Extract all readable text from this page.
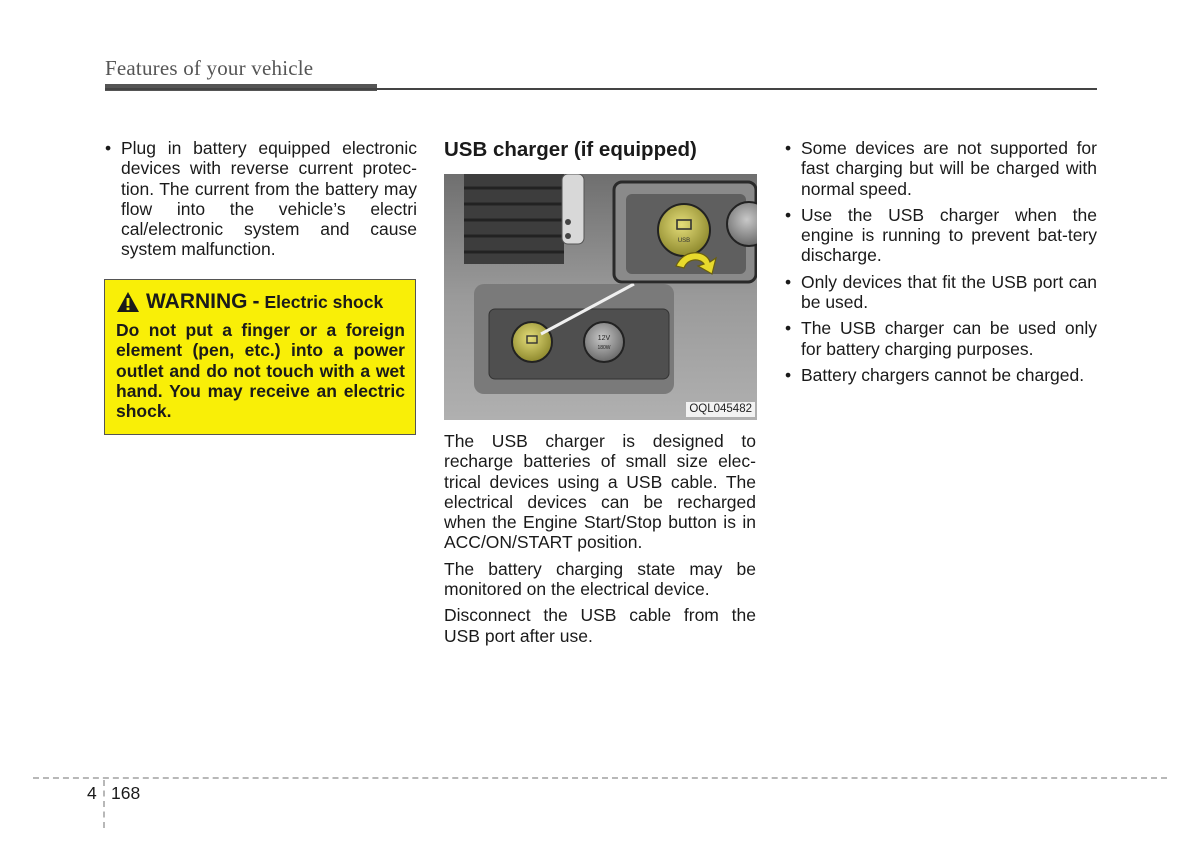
Features of your vehicle

• Plug in battery equipped electronic devices with reverse current protec-tion. The current from the battery may flow into the vehicle’s electri cal/electronic system and cause system malfunction.

WARNING - Electric shock
Do not put a finger or a foreign element (pen, etc.) into a power outlet and do not touch with a wet hand. You may receive an electric shock.
USB charger (if equipped)
12V
180W
USB
OQL045482

The USB charger is designed to recharge batteries of small size elec-trical devices using a USB cable. The electrical devices can be recharged when the Engine Start/Stop button is in ACC/ON/START position.

The battery charging state may be monitored on the electrical device.

Disconnect the USB cable from the USB port after use.

• Some devices are not supported for fast charging but will be charged with normal speed.

• Use the USB charger when the engine is running to prevent bat-tery discharge.

• Only devices that fit the USB port can be used.

• The USB charger can be used only for battery charging purposes.

• Battery chargers cannot be charged.

4 168
